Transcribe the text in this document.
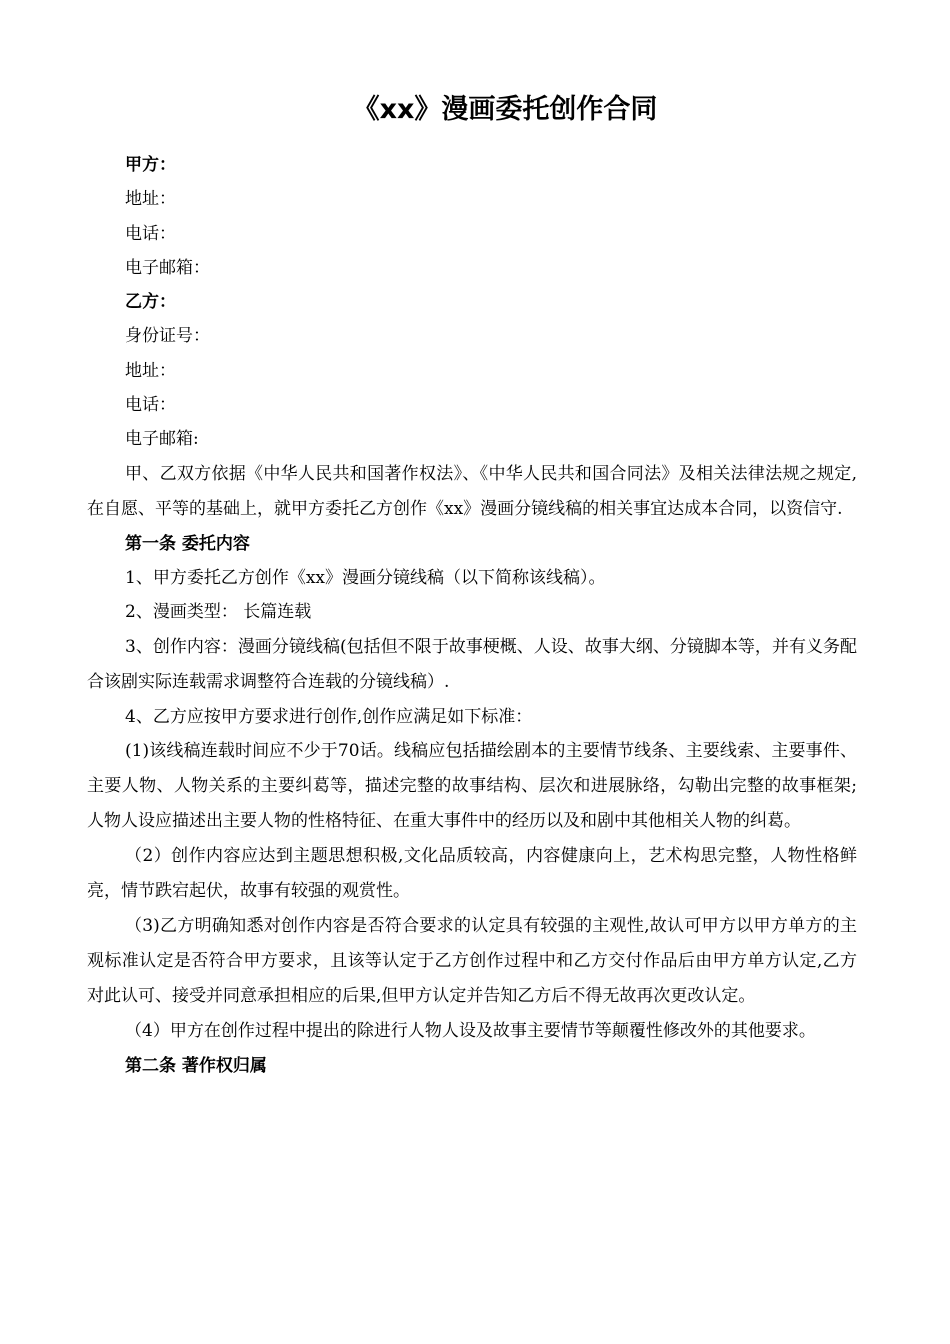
《xx》漫画委托创作合同
甲方：
地址：
电话：
电子邮箱：
乙方：
身份证号：
地址：
电话：
电子邮箱:
甲、乙双方依据《中华人民共和国著作权法》、《中华人民共和国合同法》及相关法律法规之规定,在自愿、平等的基础上，就甲方委托乙方创作《xx》漫画分镜线稿的相关事宜达成本合同，以资信守.
第一条 委托内容
1、甲方委托乙方创作《xx》漫画分镜线稿（以下简称该线稿）。
2、漫画类型： 长篇连载
3、创作内容：漫画分镜线稿(包括但不限于故事梗概、人设、故事大纲、分镜脚本等，并有义务配合该剧实际连载需求调整符合连载的分镜线稿）.
4、乙方应按甲方要求进行创作,创作应满足如下标准：
(1)该线稿连载时间应不少于70话。线稿应包括描绘剧本的主要情节线条、主要线索、主要事件、主要人物、人物关系的主要纠葛等，描述完整的故事结构、层次和进展脉络，勾勒出完整的故事框架;人物人设应描述出主要人物的性格特征、在重大事件中的经历以及和剧中其他相关人物的纠葛。
（2）创作内容应达到主题思想积极,文化品质较高，内容健康向上，艺术构思完整，人物性格鲜亮，情节跌宕起伏，故事有较强的观赏性。
（3)乙方明确知悉对创作内容是否符合要求的认定具有较强的主观性,故认可甲方以甲方单方的主观标准认定是否符合甲方要求，且该等认定于乙方创作过程中和乙方交付作品后由甲方单方认定,乙方对此认可、接受并同意承担相应的后果,但甲方认定并告知乙方后不得无故再次更改认定。
（4）甲方在创作过程中提出的除进行人物人设及故事主要情节等颠覆性修改外的其他要求。
第二条 著作权归属
